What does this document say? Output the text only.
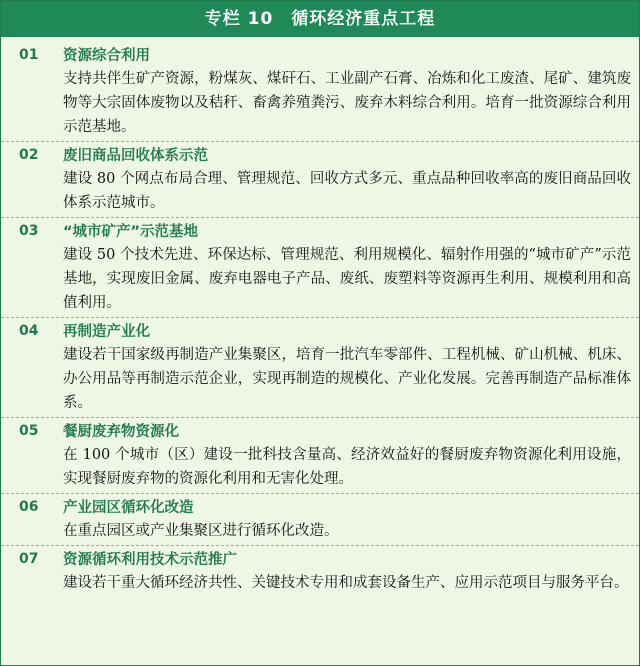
专栏 10 循环经济重点工程
01 资源综合利用
支持共伴生矿产资源，粉煤灰、煤矸石、工业副产石膏、冶炼和化工废渣、尾矿、建筑废物等大宗固体废物以及秸秆、畜禽养殖粪污、废弃木料综合利用。培育一批资源综合利用示范基地。
02 废旧商品回收体系示范
建设 80 个网点布局合理、管理规范、回收方式多元、重点品种回收率高的废旧商品回收体系示范城市。
03 “城市矿产”示范基地
建设 50 个技术先进、环保达标、管理规范、利用规模化、辐射作用强的“城市矿产”示范基地，实现废旧金属、废弃电器电子产品、废纸、废塑料等资源再生利用、规模利用和高值利用。
04 再制造产业化
建设若干国家级再制造产业集聚区，培育一批汽车零部件、工程机械、矿山机械、机床、办公用品等再制造示范企业，实现再制造的规模化、产业化发展。完善再制造产品标准体系。
05 餐厨废弃物资源化
在 100 个城市（区）建设一批科技含量高、经济效益好的餐厨废弃物资源化利用设施，实现餐厨废弃物的资源化利用和无害化处理。
06 产业园区循环化改造
在重点园区或产业集聚区进行循环化改造。
07 资源循环利用技术示范推广
建设若干重大循环经济共性、关键技术专用和成套设备生产、应用示范项目与服务平台。
